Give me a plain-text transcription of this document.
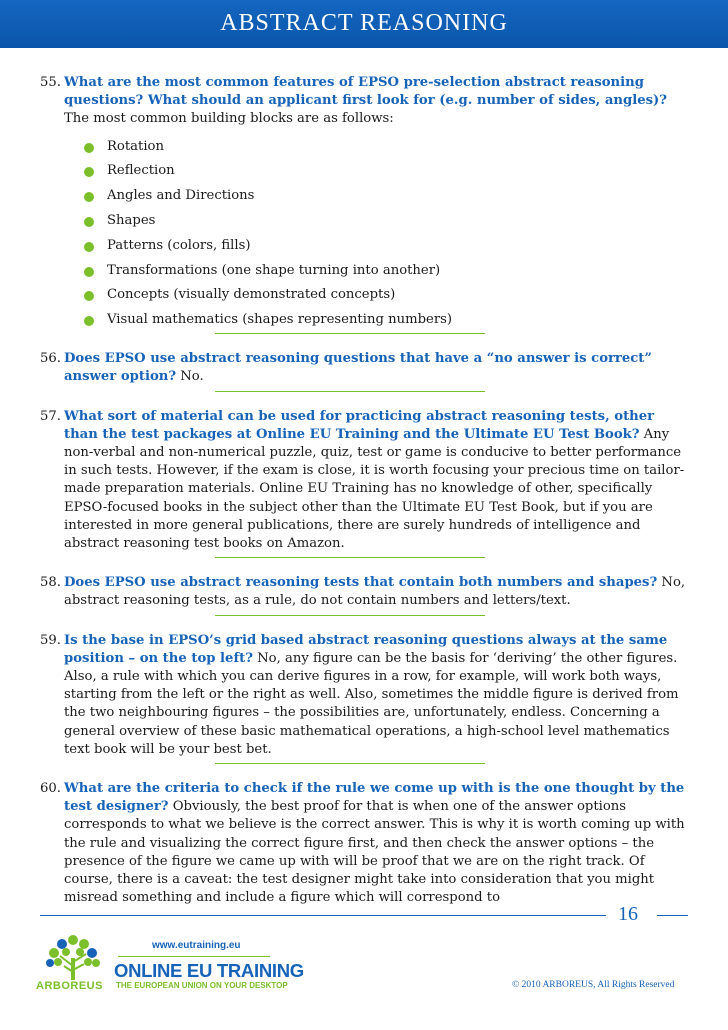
ABSTRACT REASONING
55. What are the most common features of EPSO pre-selection abstract reasoning questions? What should an applicant first look for (e.g. number of sides, angles)? The most common building blocks are as follows:
Rotation
Reflection
Angles and Directions
Shapes
Patterns (colors, fills)
Transformations (one shape turning into another)
Concepts (visually demonstrated concepts)
Visual mathematics (shapes representing numbers)
56. Does EPSO use abstract reasoning questions that have a “no answer is correct” answer option? No.
57. What sort of material can be used for practicing abstract reasoning tests, other than the test packages at Online EU Training and the Ultimate EU Test Book? Any non-verbal and non-numerical puzzle, quiz, test or game is conducive to better performance in such tests. However, if the exam is close, it is worth focusing your precious time on tailor-made preparation materials. Online EU Training has no knowledge of other, specifically EPSO-focused books in the subject other than the Ultimate EU Test Book, but if you are interested in more general publications, there are surely hundreds of intelligence and abstract reasoning test books on Amazon.
58. Does EPSO use abstract reasoning tests that contain both numbers and shapes? No, abstract reasoning tests, as a rule, do not contain numbers and letters/text.
59. Is the base in EPSO’s grid based abstract reasoning questions always at the same position – on the top left? No, any figure can be the basis for ‘deriving’ the other figures. Also, a rule with which you can derive figures in a row, for example, will work both ways, starting from the left or the right as well. Also, sometimes the middle figure is derived from the two neighbouring figures – the possibilities are, unfortunately, endless. Concerning a general overview of these basic mathematical operations, a high-school level mathematics text book will be your best bet.
60. What are the criteria to check if the rule we come up with is the one thought by the test designer? Obviously, the best proof for that is when one of the answer options corresponds to what we believe is the correct answer. This is why it is worth coming up with the rule and visualizing the correct figure first, and then check the answer options – the presence of the figure we came up with will be proof that we are on the right track. Of course, there is a caveat: the test designer might take into consideration that you might misread something and include a figure which will correspond to
16
ARBOREUS
www.eutraining.eu
ONLINE EU TRAINING
THE EUROPEAN UNION ON YOUR DESKTOP	© 2010 ARBOREUS, All Rights Reserved
